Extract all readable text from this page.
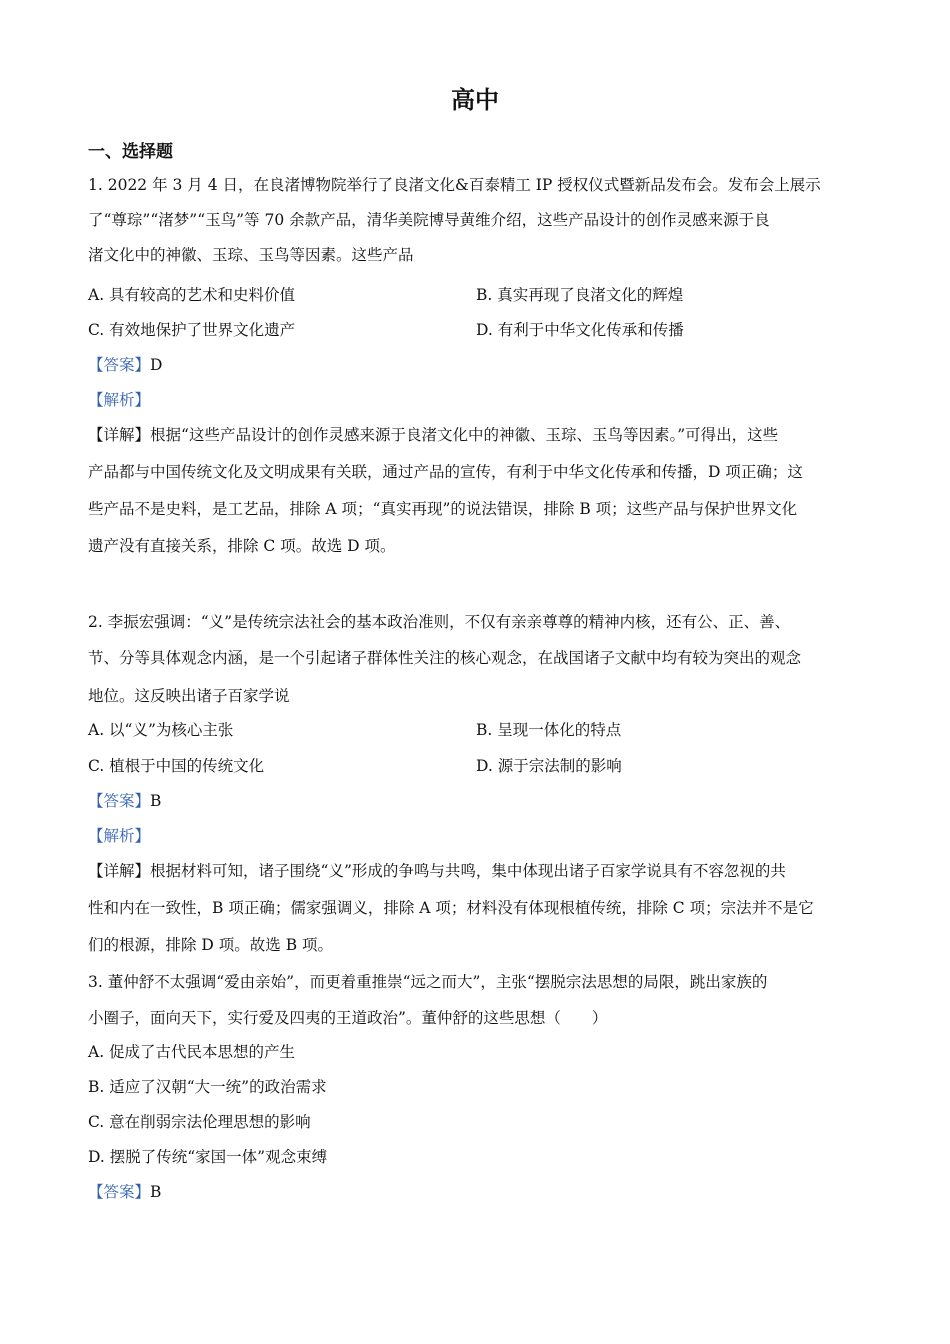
高中
一、选择题
1. 2022 年 3 月 4 日，在良渚博物院举行了良渚文化&百泰精工 IP 授权仪式暨新品发布会。发布会上展示
了“尊琮”“渚梦”“玉鸟”等 70 余款产品，清华美院博导黄维介绍，这些产品设计的创作灵感来源于良
渚文化中的神徽、玉琮、玉鸟等因素。这些产品
A. 具有较高的艺术和史料价值	B. 真实再现了良渚文化的辉煌
C. 有效地保护了世界文化遗产	D. 有利于中华文化传承和传播
【答案】D
【解析】
【详解】根据“这些产品设计的创作灵感来源于良渚文化中的神徽、玉琮、玉鸟等因素。”可得出，这些
产品都与中国传统文化及文明成果有关联，通过产品的宣传，有利于中华文化传承和传播，D 项正确；这
些产品不是史料，是工艺品，排除 A 项；“真实再现”的说法错误，排除 B 项；这些产品与保护世界文化
遗产没有直接关系，排除 C 项。故选 D 项。
2. 李振宏强调：“义”是传统宗法社会的基本政治准则，不仅有亲亲尊尊的精神内核，还有公、正、善、
节、分等具体观念内涵，是一个引起诸子群体性关注的核心观念，在战国诸子文献中均有较为突出的观念
地位。这反映出诸子百家学说
A. 以“义”为核心主张	B. 呈现一体化的特点
C. 植根于中国的传统文化	D. 源于宗法制的影响
【答案】B
【解析】
【详解】根据材料可知，诸子围绕“义”形成的争鸣与共鸣，集中体现出诸子百家学说具有不容忽视的共
性和内在一致性，B 项正确；儒家强调义，排除 A 项；材料没有体现根植传统，排除 C 项；宗法并不是它
们的根源，排除 D 项。故选 B 项。
3. 董仲舒不太强调“爱由亲始”，而更着重推崇“远之而大”，主张“摆脱宗法思想的局限，跳出家族的
小圈子，面向天下，实行爱及四夷的王道政治”。董仲舒的这些思想（　　）
A. 促成了古代民本思想的产生
B. 适应了汉朝“大一统”的政治需求
C. 意在削弱宗法伦理思想的影响
D. 摆脱了传统“家国一体”观念束缚
【答案】B
